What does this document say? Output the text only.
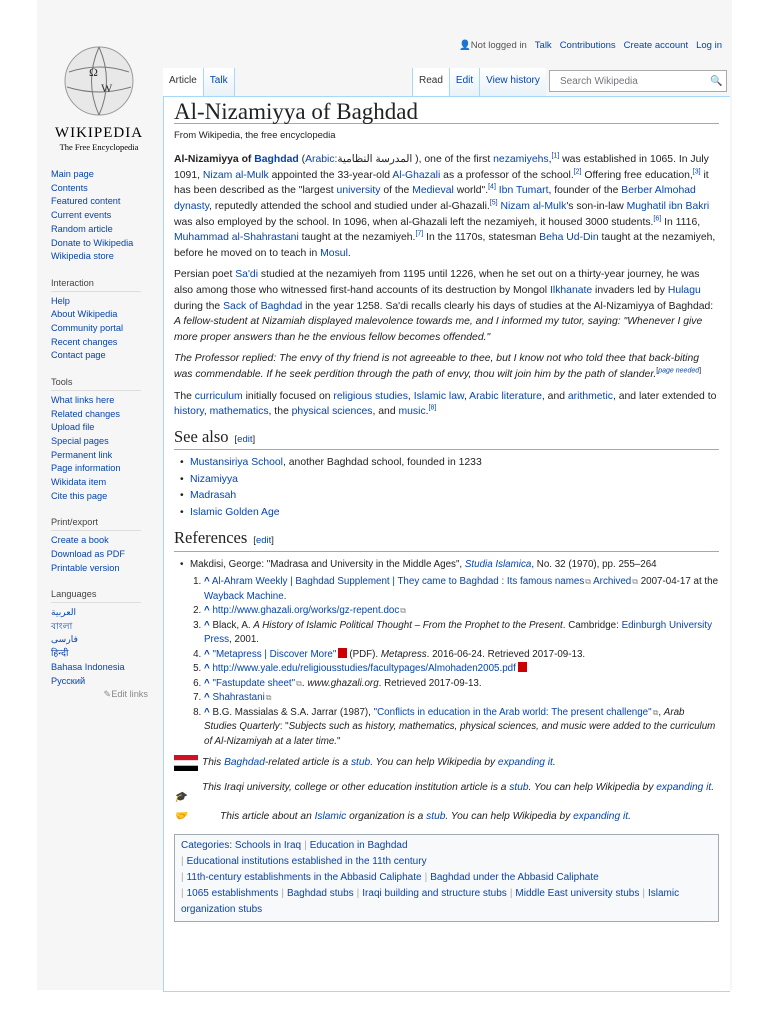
👤Not logged in Talk Contributions Create account Log in
Ω
W
WIKIPEDIA
The Free Encyclopedia
Article	Talk	Read	Edit	View history	Search Wikipedia	🔍
Main page
Contents
Featured content
Current events
Random article
Donate to Wikipedia
Wikipedia store
Interaction
Help
About Wikipedia
Community portal
Recent changes
Contact page
Tools
What links here
Related changes
Upload file
Special pages
Permanent link
Page information
Wikidata item
Cite this page
Print/export
Create a book
Download as PDF
Printable version
Languages
العربية
বাংলা
فارسی
हिन्दी
Bahasa Indonesia
Русский
✎Edit links
Al-Nizamiyya of Baghdad
From Wikipedia, the free encyclopedia

Al-Nizamiyya of Baghdad (Arabic:المدرسة النظامية ), one of the first nezamiyehs,[1] was established in 1065. In July 1091, Nizam al-Mulk appointed the 33-year-old Al-Ghazali as a professor of the school.[2] Offering free education,[3] it has been described as the "largest university of the Medieval world".[4] Ibn Tumart, founder of the Berber Almohad dynasty, reputedly attended the school and studied under al-Ghazali.[5] Nizam al-Mulk's son-in-law Mughatil ibn Bakri was also employed by the school. In 1096, when al-Ghazali left the nezamiyeh, it housed 3000 students.[6] In 1116, Muhammad al-Shahrastani taught at the nezamiyeh.[7] In the 1170s, statesman Beha Ud-Din taught at the nezamiyeh, before he moved on to teach in Mosul.

Persian poet Sa'di studied at the nezamiyeh from 1195 until 1226, when he set out on a thirty-year journey, he was also among those who witnessed first-hand accounts of its destruction by Mongol Ilkhanate invaders led by Hulagu during the Sack of Baghdad in the year 1258. Sa'di recalls clearly his days of studies at the Al-Nizamiyya of Baghdad: A fellow-student at Nizamiah displayed malevolence towards me, and I informed my tutor, saying: "Whenever I give more proper answers than he the envious fellow becomes offended."

The Professor replied: The envy of thy friend is not agreeable to thee, but I know not who told thee that back-biting was commendable. If he seek perdition through the path of envy, thou wilt join him by the path of slander.[page needed]

The curriculum initially focused on religious studies, Islamic law, Arabic literature, and arithmetic, and later extended to history, mathematics, the physical sciences, and music.[8]

See also [edit]
• Mustansiriya School, another Baghdad school, founded in 1233
• Nizamiyya
• Madrasah
• Islamic Golden Age
References [edit]
• Makdisi, George: "Madrasa and University in the Middle Ages", Studia Islamica, No. 32 (1970), pp. 255–264
1. ^ Al-Ahram Weekly | Baghdad Supplement | They came to Baghdad : Its famous names ⧉ Archived ⧉ 2007-04-17 at the Wayback Machine.
2. ^ http://www.ghazali.org/works/gz-repent.doc ⧉
3. ^ Black, A. A History of Islamic Political Thought – From the Prophet to the Present. Cambridge: Edinburgh University Press, 2001.
4. ^ "Metapress | Discover More" (PDF). Metapress. 2016-06-24. Retrieved 2017-09-13.
5. ^ http://www.yale.edu/religiousstudies/facultypages/Almohaden2005.pdf
6. ^ "Fastupdate sheet" ⧉ . www.ghazali.org. Retrieved 2017-09-13.
7. ^ Shahrastani ⧉
8. ^ B.G. Massialas & S.A. Jarrar (1987), "Conflicts in education in the Arab world: The present challenge" ⧉ , Arab Studies Quarterly: "Subjects such as history, mathematics, physical sciences, and music were added to the curriculum of Al-Nizamiyah at a later time."
This Baghdad-related article is a stub. You can help Wikipedia by expanding it.
🎓
This Iraqi university, college or other education institution article is a stub. You can help Wikipedia by expanding it.
🤝	This article about an Islamic organization is a stub. You can help Wikipedia by expanding it.
Categories: Schools in Iraq | Education in Baghdad
| Educational institutions established in the 11th century
| 11th-century establishments in the Abbasid Caliphate | Baghdad under the Abbasid Caliphate
| 1065 establishments | Baghdad stubs | Iraqi building and structure stubs | Middle East university stubs | Islamic organization stubs
